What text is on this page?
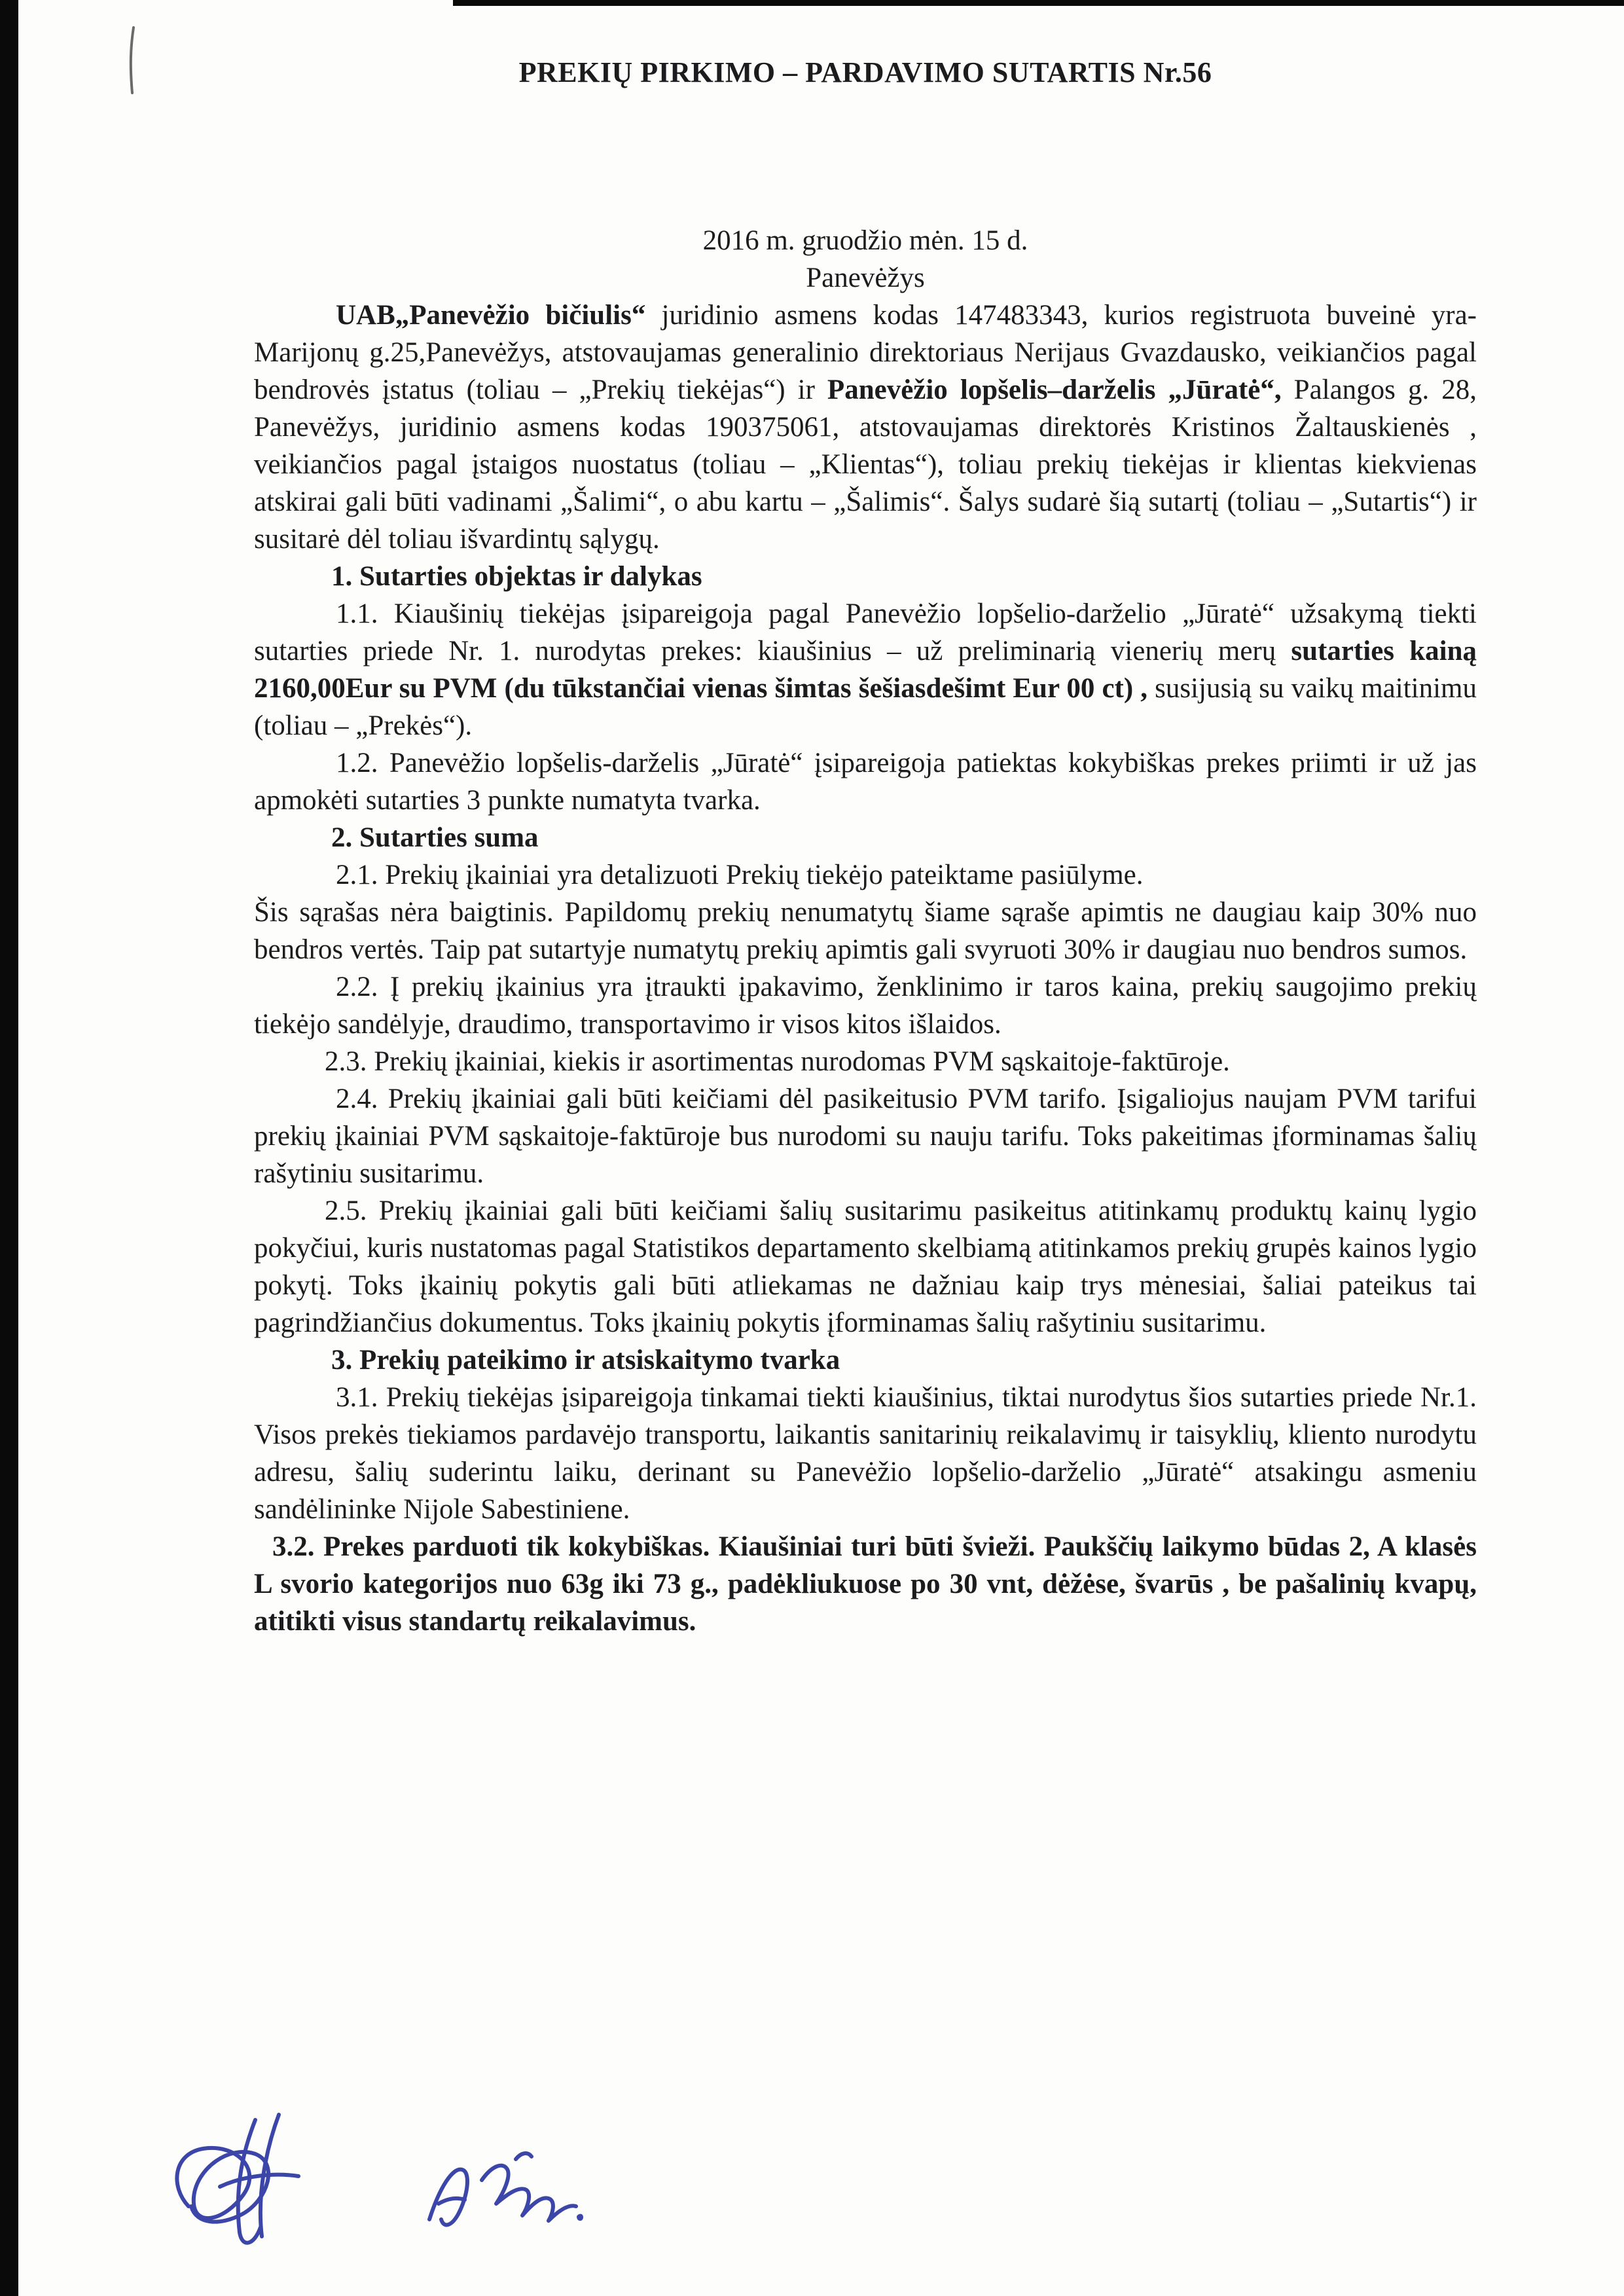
PREKIŲ PIRKIMO – PARDAVIMO SUTARTIS Nr.56
2016 m. gruodžio mėn. 15 d.
Panevėžys

UAB„Panevėžio bičiulis“ juridinio asmens kodas 147483343, kurios registruota buveinė yra- Marijonų g.25,Panevėžys, atstovaujamas generalinio direktoriaus Nerijaus Gvazdausko, veikiančios pagal bendrovės įstatus (toliau – „Prekių tiekėjas“) ir Panevėžio lopšelis–darželis „Jūratė“, Palangos g. 28, Panevėžys, juridinio asmens kodas 190375061, atstovaujamas direktorės Kristinos Žaltauskienės , veikiančios pagal įstaigos nuostatus (toliau – „Klientas“), toliau prekių tiekėjas ir klientas kiekvienas atskirai gali būti vadinami „Šalimi“, o abu kartu – „Šalimis“. Šalys sudarė šią sutartį (toliau – „Sutartis“) ir susitarė dėl toliau išvardintų sąlygų.

1. Sutarties objektas ir dalykas

1.1. Kiaušinių tiekėjas įsipareigoja pagal Panevėžio lopšelio-darželio „Jūratė“ užsakymą tiekti sutarties priede Nr. 1. nurodytas prekes: kiaušinius – už preliminarią vienerių merų sutarties kainą 2160,00Eur su PVM (du tūkstančiai vienas šimtas šešiasdešimt Eur 00 ct) , susijusią su vaikų maitinimu (toliau – „Prekės“).

1.2. Panevėžio lopšelis-darželis „Jūratė“ įsipareigoja patiektas kokybiškas prekes priimti ir už jas apmokėti sutarties 3 punkte numatyta tvarka.

2. Sutarties suma

2.1. Prekių įkainiai yra detalizuoti Prekių tiekėjo pateiktame pasiūlyme.

Šis sąrašas nėra baigtinis. Papildomų prekių nenumatytų šiame sąraše apimtis ne daugiau kaip 30% nuo bendros vertės. Taip pat sutartyje numatytų prekių apimtis gali svyruoti 30% ir daugiau nuo bendros sumos.

2.2. Į prekių įkainius yra įtraukti įpakavimo, ženklinimo ir taros kaina, prekių saugojimo prekių tiekėjo sandėlyje, draudimo, transportavimo ir visos kitos išlaidos.

2.3. Prekių įkainiai, kiekis ir asortimentas nurodomas PVM sąskaitoje-faktūroje.

2.4. Prekių įkainiai gali būti keičiami dėl pasikeitusio PVM tarifo. Įsigaliojus naujam PVM tarifui prekių įkainiai PVM sąskaitoje-faktūroje bus nurodomi su nauju tarifu. Toks pakeitimas įforminamas šalių rašytiniu susitarimu.

2.5. Prekių įkainiai gali būti keičiami šalių susitarimu pasikeitus atitinkamų produktų kainų lygio pokyčiui, kuris nustatomas pagal Statistikos departamento skelbiamą atitinkamos prekių grupės kainos lygio pokytį. Toks įkainių pokytis gali būti atliekamas ne dažniau kaip trys mėnesiai, šaliai pateikus tai pagrindžiančius dokumentus. Toks įkainių pokytis įforminamas šalių rašytiniu susitarimu.

3. Prekių pateikimo ir atsiskaitymo tvarka

3.1. Prekių tiekėjas įsipareigoja tinkamai tiekti kiaušinius, tiktai nurodytus šios sutarties priede Nr.1. Visos prekės tiekiamos pardavėjo transportu, laikantis sanitarinių reikalavimų ir taisyklių, kliento nurodytu adresu, šalių suderintu laiku, derinant su Panevėžio lopšelio-darželio „Jūratė“ atsakingu asmeniu sandėlininke Nijole Sabestiniene.

3.2. Prekes parduoti tik kokybiškas. Kiaušiniai turi būti švieži. Paukščių laikymo būdas 2, A klasės L svorio kategorijos nuo 63g iki 73 g., padėkliukuose po 30 vnt, dėžėse, švarūs , be pašalinių kvapų, atitikti visus standartų reikalavimus.
